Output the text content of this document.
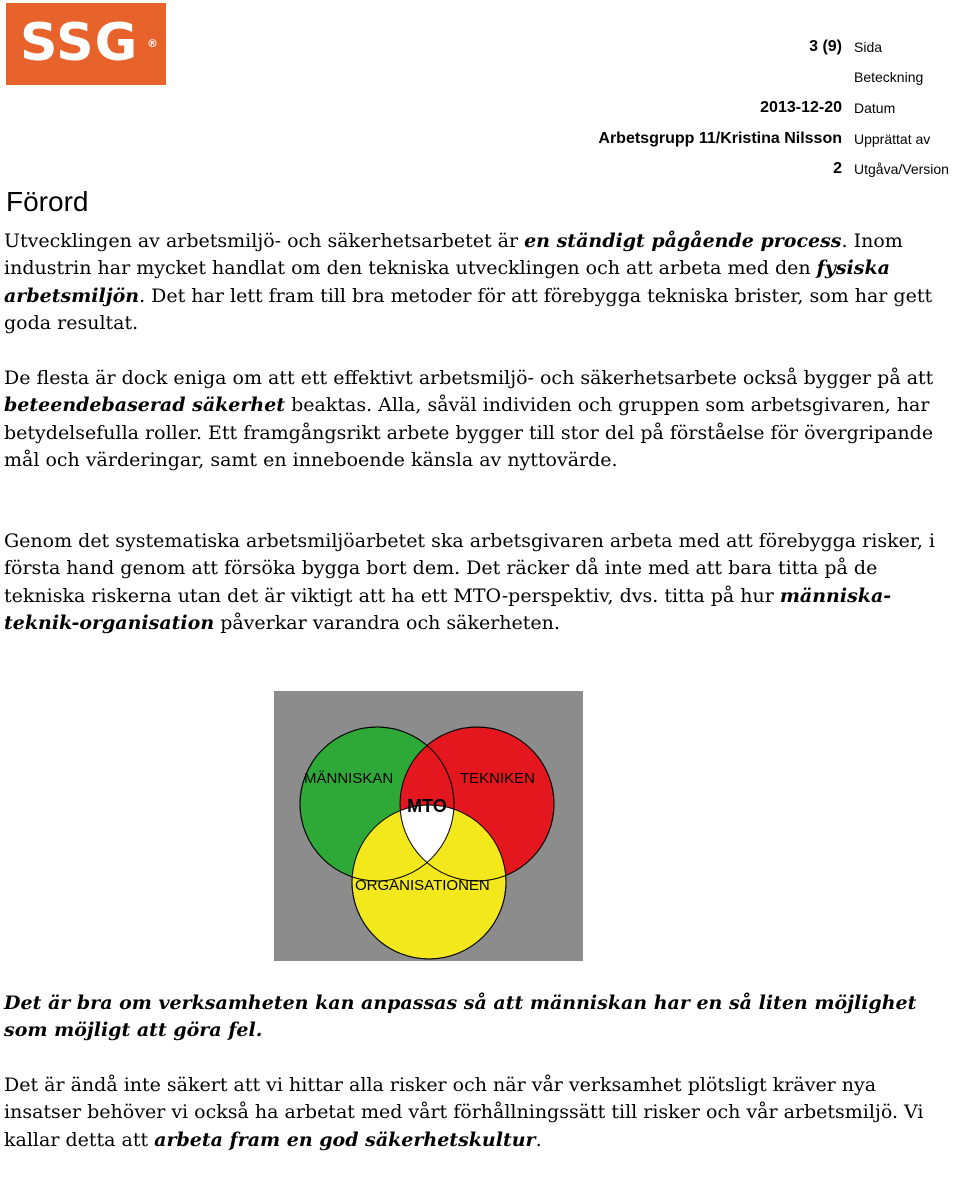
SSG ®	3 (9) Sida
Beteckning
2013-12-20 Datum
Arbetsgrupp 11/Kristina Nilsson Upprättat av
2 Utgåva/Version
Förord

Utvecklingen av arbetsmiljö- och säkerhetsarbetet är en ständigt pågående process. Inom industrin har mycket handlat om den tekniska utvecklingen och att arbeta med den fysiska arbetsmiljön. Det har lett fram till bra metoder för att förebygga tekniska brister, som har gett goda resultat.

De flesta är dock eniga om att ett effektivt arbetsmiljö- och säkerhetsarbete också bygger på att beteendebaserad säkerhet beaktas. Alla, såväl individen och gruppen som arbetsgivaren, har betydelsefulla roller. Ett framgångsrikt arbete bygger till stor del på förståelse för övergripande mål och värderingar, samt en inneboende känsla av nyttovärde.

Genom det systematiska arbetsmiljöarbetet ska arbetsgivaren arbeta med att förebygga risker, i första hand genom att försöka bygga bort dem. Det räcker då inte med att bara titta på de tekniska riskerna utan det är viktigt att ha ett MTO-perspektiv, dvs. titta på hur människa-teknik-organisation påverkar varandra och säkerheten.

MÄNNISKAN	TEKNIKEN
MTO
ORGANISATIONEN

Det är bra om verksamheten kan anpassas så att människan har en så liten möjlighet som möjligt att göra fel.

Det är ändå inte säkert att vi hittar alla risker och när vår verksamhet plötsligt kräver nya insatser behöver vi också ha arbetat med vårt förhållningssätt till risker och vår arbetsmiljö. Vi kallar detta att arbeta fram en god säkerhetskultur.
